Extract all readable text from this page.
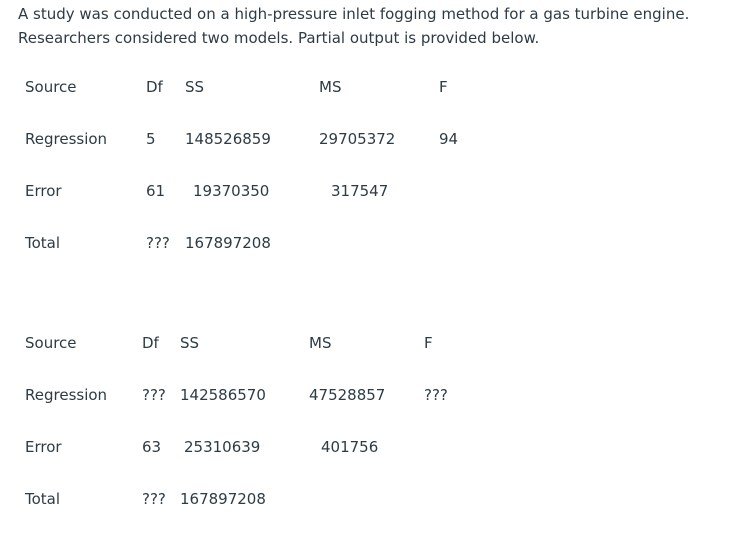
A study was conducted on a high-pressure inlet fogging method for a gas turbine engine. Researchers considered two models. Partial output is provided below.

Source	Df SS	MS	F
Regression	5 148526859	29705372	94
Error	61 19370350	317547
Total	??? 167897208
Source	Df SS	MS	F
Regression ??? 142586570	47528857	???
Error	63 25310639	401756
Total	??? 167897208
